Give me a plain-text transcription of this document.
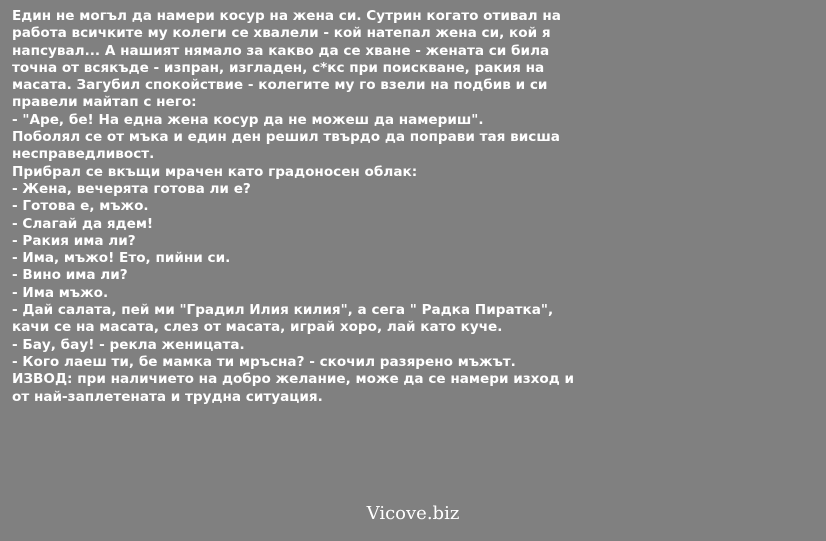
Един не могъл да намери косур на жена си. Сутрин когато отивал на
работа всичките му колеги се хвалели - кой натепал жена си, кой я
напсувал... А нашият нямало за какво да се хване - жената си била
точна от всякъде - изпран, изгладен, с*кс при поискване, ракия на
масата. Загубил спокойствие - колегите му го взели на подбив и си
правели майтап с него:
- "Аре, бе! На една жена косур да не можеш да намериш".
Поболял се от мъка и един ден решил твърдо да поправи тая висша
несправедливост.
Прибрал се вкъщи мрачен като градоносен облак:
- Жена, вечерята готова ли е?
- Готова е, мъжо.
- Слагай да ядем!
- Ракия има ли?
- Има, мъжо! Ето, пийни си.
- Вино има ли?
- Има мъжо.
- Дай салата, пей ми "Градил Илия килия", а сега " Радка Пиратка",
качи се на масата, слез от масата, играй хоро, лай като куче.
- Бау, бау! - рекла женицата.
- Кого лаеш ти, бе мамка ти мръсна? - скочил разярено мъжът.
ИЗВОД: при наличието на добро желание, може да се намери изход и
от най-заплетената и трудна ситуация.
Vicove.biz
